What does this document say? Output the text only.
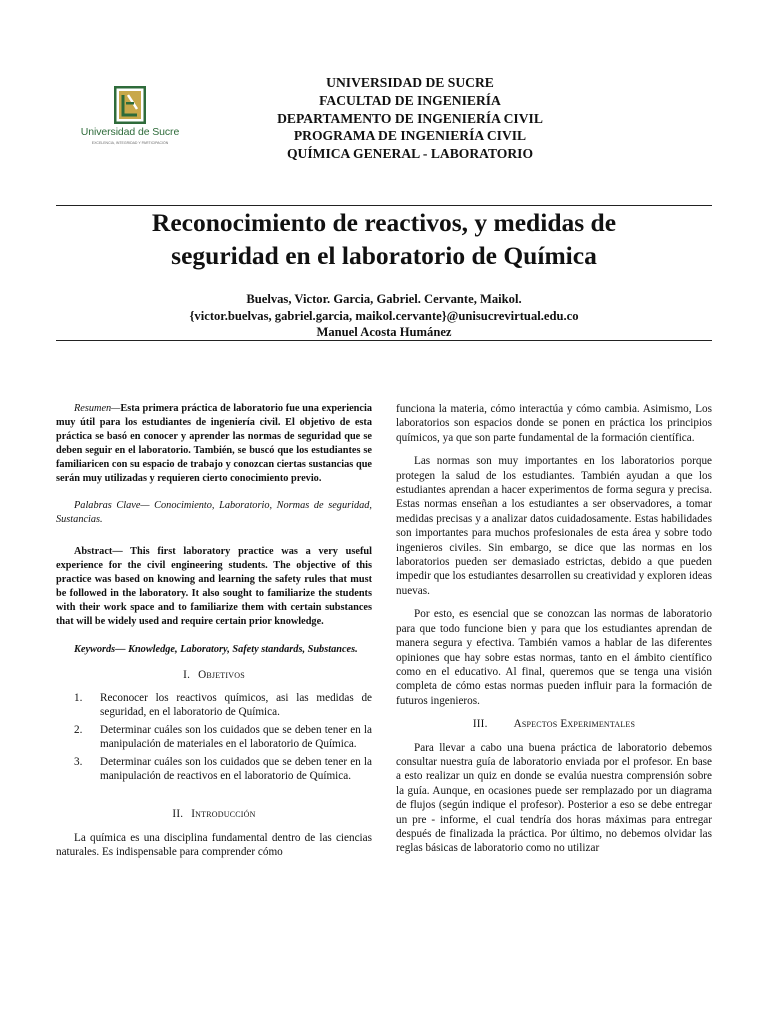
Universidad de Sucre
EXCELENCIA, INTEGRIDAD Y PARTICIPACIÓN
UNIVERSIDAD DE SUCRE
FACULTAD DE INGENIERÍA
DEPARTAMENTO DE INGENIERÍA CIVIL
PROGRAMA DE INGENIERÍA CIVIL
QUÍMICA GENERAL - LABORATORIO
Reconocimiento de reactivos, y medidas de
seguridad en el laboratorio de Química
Buelvas, Victor. Garcia, Gabriel. Cervante, Maikol.
{victor.buelvas, gabriel.garcia, maikol.cervante}@unisucrevirtual.edu.co
Manuel Acosta Humánez

Resumen—Esta primera práctica de laboratorio fue una experiencia muy útil para los estudiantes de ingeniería civil. El objetivo de esta práctica se basó en conocer y aprender las normas de seguridad que se deben seguir en el laboratorio. También, se buscó que los estudiantes se familiaricen con su espacio de trabajo y conozcan ciertas sustancias que serán muy utilizadas y requieren cierto conocimiento previo.

Palabras Clave— Conocimiento, Laboratorio, Normas de seguridad, Sustancias.

Abstract— This first laboratory practice was a very useful experience for the civil engineering students. The objective of this practice was based on knowing and learning the safety rules that must be followed in the laboratory. It also sought to familiarize the students with their work space and to familiarize them with certain substances that will be widely used and require certain prior knowledge.

Keywords— Knowledge, Laboratory, Safety standards, Substances.

I. Objetivos
1. Reconocer los reactivos químicos, asi las medidas de seguridad, en el laboratorio de Química.
2. Determinar cuáles son los cuidados que se deben tener en la manipulación de materiales en el laboratorio de Química.
3. Determinar cuáles son los cuidados que se deben tener en la manipulación de reactivos en el laboratorio de Química.
II. Introducción

La química es una disciplina fundamental dentro de las ciencias naturales. Es indispensable para comprender cómo

funciona la materia, cómo interactúa y cómo cambia. Asimismo, Los laboratorios son espacios donde se ponen en práctica los principios químicos, ya que son parte fundamental de la formación científica.

Las normas son muy importantes en los laboratorios porque protegen la salud de los estudiantes. También ayudan a que los estudiantes aprendan a hacer experimentos de forma segura y precisa. Estas normas enseñan a los estudiantes a ser observadores, a tomar medidas precisas y a analizar datos cuidadosamente. Estas habilidades son importantes para muchos profesionales de esta área y sobre todo ingenieros civiles. Sin embargo, se dice que las normas en los laboratorios pueden ser demasiado estrictas, debido a que pueden impedir que los estudiantes desarrollen su creatividad y exploren ideas nuevas.

Por esto, es esencial que se conozcan las normas de laboratorio para que todo funcione bien y para que los estudiantes aprendan de manera segura y efectiva. También vamos a hablar de las diferentes opiniones que hay sobre estas normas, tanto en el ámbito científico como en el educativo. Al final, queremos que se tenga una visión completa de cómo estas normas pueden influir para la formación de futuros ingenieros.

III. Aspectos Experimentales

Para llevar a cabo una buena práctica de laboratorio debemos consultar nuestra guía de laboratorio enviada por el profesor. En base a esto realizar un quiz en donde se evalúa nuestra comprensión sobre la guía. Aunque, en ocasiones puede ser remplazado por un diagrama de flujos (según indique el profesor). Posterior a eso se debe entregar un pre - informe, el cual tendría dos horas máximas para entregar después de finalizada la práctica. Por último, no debemos olvidar las reglas básicas de laboratorio como no utilizar
